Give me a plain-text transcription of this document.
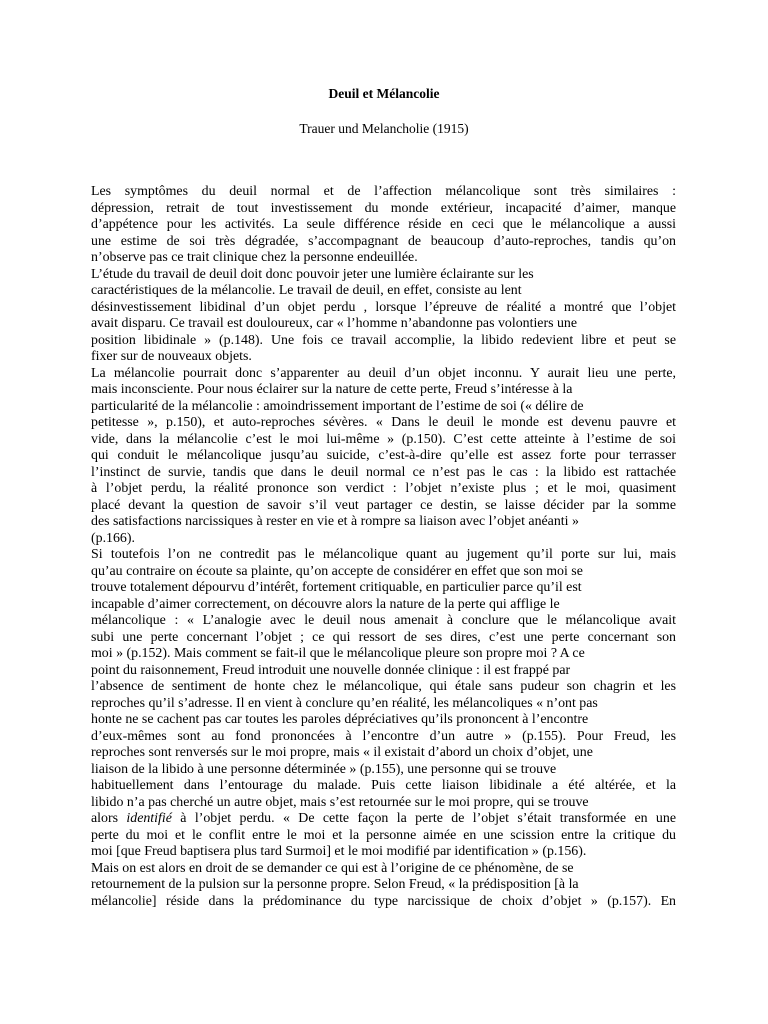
Deuil et Mélancolie
Trauer und Melancholie (1915)
Les symptômes du deuil normal et de l’affection mélancolique sont très similaires :
dépression, retrait de tout investissement du monde extérieur, incapacité d’aimer, manque
d’appétence pour les activités. La seule différence réside en ceci que le mélancolique a aussi
une estime de soi très dégradée, s’accompagnant de beaucoup d’auto-reproches, tandis qu’on
n’observe pas ce trait clinique chez la personne endeuillée.
L’étude du travail de deuil doit donc pouvoir jeter une lumière éclairante sur les
caractéristiques de la mélancolie. Le travail de deuil, en effet, consiste au lent
désinvestissement libidinal d’un objet perdu , lorsque l’épreuve de réalité a montré que l’objet
avait disparu. Ce travail est douloureux, car « l’homme n’abandonne pas volontiers une
position libidinale » (p.148). Une fois ce travail accomplie, la libido redevient libre et peut se
fixer sur de nouveaux objets.
La mélancolie pourrait donc s’apparenter au deuil d’un objet inconnu. Y aurait lieu une perte,
mais inconsciente. Pour nous éclairer sur la nature de cette perte, Freud s’intéresse à la
particularité de la mélancolie : amoindrissement important de l’estime de soi (« délire de
petitesse », p.150), et auto-reproches sévères. « Dans le deuil le monde est devenu pauvre et
vide, dans la mélancolie c’est le moi lui-même » (p.150). C’est cette atteinte à l’estime de soi
qui conduit le mélancolique jusqu’au suicide, c’est-à-dire qu’elle est assez forte pour terrasser
l’instinct de survie, tandis que dans le deuil normal ce n’est pas le cas : la libido est rattachée
à l’objet perdu, la réalité prononce son verdict : l’objet n’existe plus ; et le moi, quasiment
placé devant la question de savoir s’il veut partager ce destin, se laisse décider par la somme
des satisfactions narcissiques à rester en vie et à rompre sa liaison avec l’objet anéanti »
(p.166).
Si toutefois l’on ne contredit pas le mélancolique quant au jugement qu’il porte sur lui, mais
qu’au contraire on écoute sa plainte, qu’on accepte de considérer en effet que son moi se
trouve totalement dépourvu d’intérêt, fortement critiquable, en particulier parce qu’il est
incapable d’aimer correctement, on découvre alors la nature de la perte qui afflige le
mélancolique : « L’analogie avec le deuil nous amenait à conclure que le mélancolique avait
subi une perte concernant l’objet ; ce qui ressort de ses dires, c’est une perte concernant son
moi » (p.152). Mais comment se fait-il que le mélancolique pleure son propre moi ? A ce
point du raisonnement, Freud introduit une nouvelle donnée clinique : il est frappé par
l’absence de sentiment de honte chez le mélancolique, qui étale sans pudeur son chagrin et les
reproches qu’il s’adresse. Il en vient à conclure qu’en réalité, les mélancoliques « n’ont pas
honte ne se cachent pas car toutes les paroles dépréciatives qu’ils prononcent à l’encontre
d’eux-mêmes sont au fond prononcées à l’encontre d’un autre » (p.155). Pour Freud, les
reproches sont renversés sur le moi propre, mais « il existait d’abord un choix d’objet, une
liaison de la libido à une personne déterminée » (p.155), une personne qui se trouve
habituellement dans l’entourage du malade. Puis cette liaison libidinale a été altérée, et la
libido n’a pas cherché un autre objet, mais s’est retournée sur le moi propre, qui se trouve
alors identifié à l’objet perdu. « De cette façon la perte de l’objet s’était transformée en une
perte du moi et le conflit entre le moi et la personne aimée en une scission entre la critique du
moi [que Freud baptisera plus tard Surmoi] et le moi modifié par identification » (p.156).
Mais on est alors en droit de se demander ce qui est à l’origine de ce phénomène, de se
retournement de la pulsion sur la personne propre. Selon Freud, « la prédisposition [à la
mélancolie] réside dans la prédominance du type narcissique de choix d’objet » (p.157). En
